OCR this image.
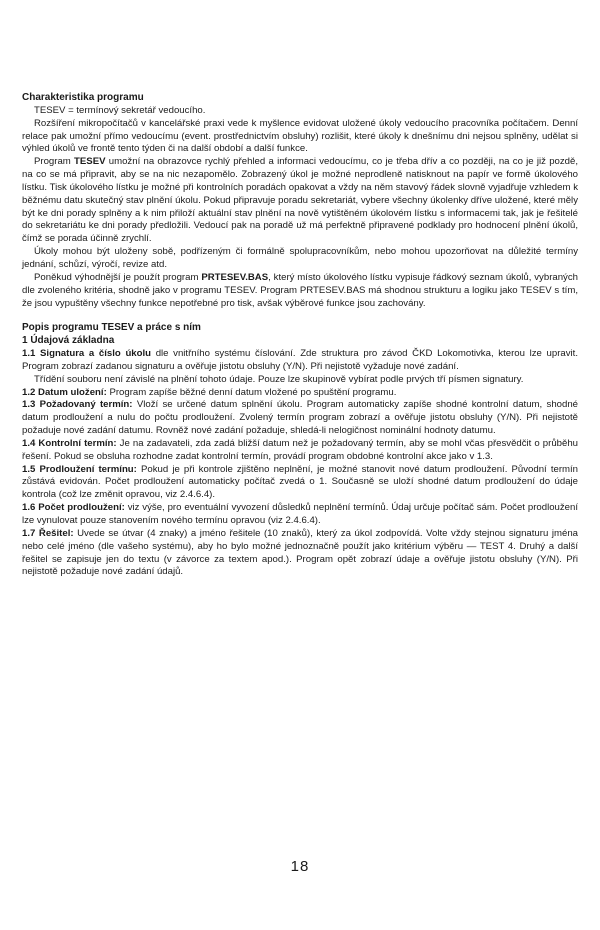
Charakteristika programu

TESEV = termínový sekretář vedoucího.

Rozšíření mikropočítačů v kancelářské praxi vede k myšlence evidovat uložené úkoly vedoucího pracovníka počítačem. Denní relace pak umožní přímo vedoucímu (event. prostřednictvím obsluhy) rozlišit, které úkoly k dnešnímu dni nejsou splněny, udělat si výhled úkolů ve frontě tento týden či na další období a další funkce.

Program TESEV umožní na obrazovce rychlý přehled a informaci vedoucímu, co je třeba dřív a co později, na co je již pozdě, na co se má připravit, aby se na nic nezapomělo. Zobrazený úkol je možné neprodleně natisknout na papír ve formě úkolového lístku. Tisk úkolového lístku je možné při kontrolních poradách opakovat a vždy na něm stavový řádek slovně vyjadřuje vzhledem k běžnému datu skutečný stav plnění úkolu. Pokud připravuje poradu sekretariát, vybere všechny úkolenky dříve uložené, které měly být ke dni porady splněny a k nim přiloží aktuální stav plnění na nově vytištěném úkolovém lístku s informacemi tak, jak je řešitelé do sekretariátu ke dni porady předložili. Vedoucí pak na poradě už má perfektně připravené podklady pro hodnocení plnění úkolů, čímž se porada účinně zrychlí.

Úkoly mohou být uloženy sobě, podřízeným či formálně spolupracovníkům, nebo mohou upozorňovat na důležité termíny jednání, schůzí, výročí, revize atd.

Poněkud výhodnější je použít program PRTESEV.BAS, který místo úkolového lístku vypisuje řádkový seznam úkolů, vybraných dle zvoleného kritéria, shodně jako v programu TESEV. Program PRTESEV.BAS má shodnou strukturu a logiku jako TESEV s tím, že jsou vypuštěny všechny funkce nepotřebné pro tisk, avšak výběrové funkce jsou zachovány.

Popis programu TESEV a práce s ním
1 Údajová základna

1.1 Signatura a číslo úkolu dle vnitřního systému číslování. Zde struktura pro závod ČKD Lokomotivka, kterou lze upravit. Program zobrazí zadanou signaturu a ověřuje jistotu obsluhy (Y/N). Při nejistotě vyžaduje nové zadání.

Třídění souboru není závislé na plnění tohoto údaje. Pouze lze skupinově vybírat podle prvých tří písmen signatury.

1.2 Datum uložení: Program zapíše běžné denní datum vložené po spuštění programu.

1.3 Požadovaný termín: Vloží se určené datum splnění úkolu. Program automaticky zapíše shodné kontrolní datum, shodné datum prodloužení a nulu do počtu prodloužení. Zvolený termín program zobrazí a ověřuje jistotu obsluhy (Y/N). Při nejistotě požaduje nové zadání datumu. Rovněž nové zadání požaduje, shledá-li nelogičnost nominální hodnoty datumu.

1.4 Kontrolní termín: Je na zadavateli, zda zadá bližší datum než je požadovaný termín, aby se mohl včas přesvědčit o průběhu řešení. Pokud se obsluha rozhodne zadat kontrolní termín, provádí program obdobné kontrolní akce jako v 1.3.

1.5 Prodloužení termínu: Pokud je při kontrole zjištěno neplnění, je možné stanovit nové datum prodloužení. Původní termín zůstává evidován. Počet prodloužení automaticky počítač zvedá o 1. Současně se uloží shodné datum prodloužení do údaje kontrola (což lze změnit opravou, viz 2.4.6.4).

1.6 Počet prodloužení: viz výše, pro eventuální vyvození důsledků neplnění termínů. Údaj určuje počítač sám. Počet prodloužení lze vynulovat pouze stanovením nového termínu opravou (viz 2.4.6.4).

1.7 Řešitel: Uvede se útvar (4 znaky) a jméno řešitele (10 znaků), který za úkol zodpovídá. Volte vždy stejnou signaturu jména nebo celé jméno (dle vašeho systému), aby ho bylo možné jednoznačně použít jako kritérium výběru — TEST 4. Druhý a další řešitel se zapisuje jen do textu (v závorce za textem apod.). Program opět zobrazí údaje a ověřuje jistotu obsluhy (Y/N). Při nejistotě požaduje nové zadání údajů.

18
